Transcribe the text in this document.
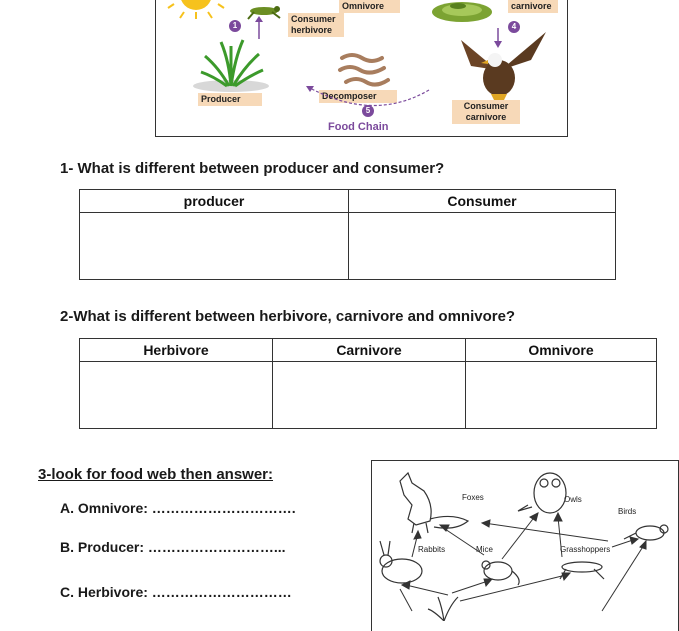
1
Consumer
herbivore
Omnivore
Producer
carnivore
4
Consumer
carnivore
Decomposer
5
Food Chain
1- What is different between producer and consumer?
producer	Consumer

2-What is different between herbivore, carnivore and omnivore?
Herbivore	Carnivore	Omnivore

3-look for food web then answer:
A. Omnivore: ………………………….
B. Producer: ………………………...
C. Herbivore: …………………………
Foxes	Owls
Birds
Rabbits	Mice	Grasshoppers
